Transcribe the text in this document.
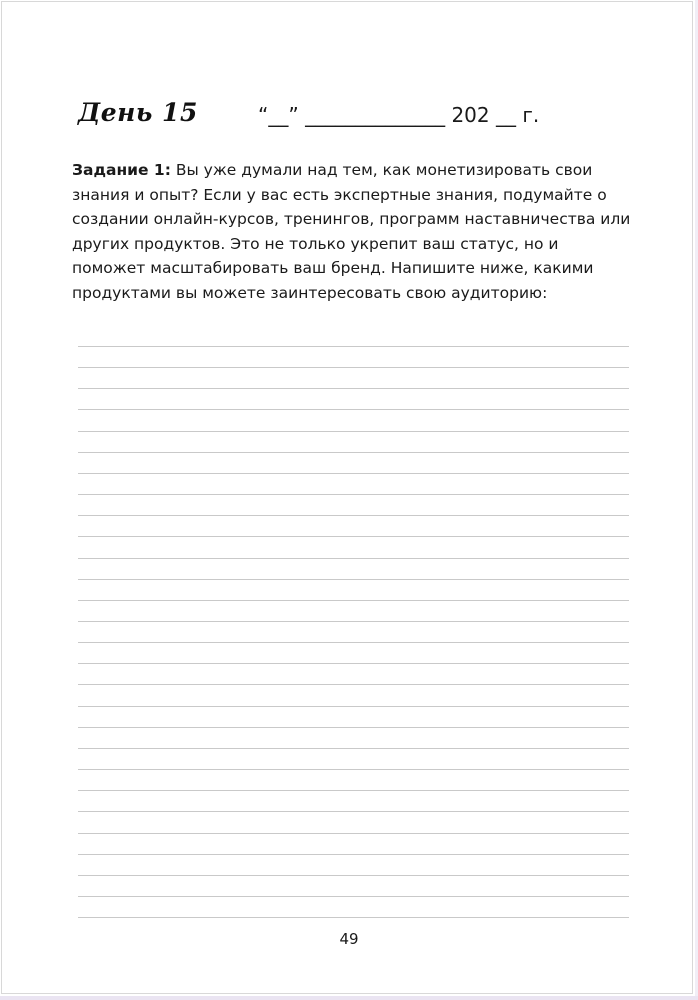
День 15	“__” ______________ 202 __ г.
Задание 1: Вы уже думали над тем, как монетизировать свои знания и опыт? Если у вас есть экспертные знания, подумайте о создании онлайн-курсов, тренингов, программ наставничества или других продуктов. Это не только укрепит ваш статус, но и поможет масштабировать ваш бренд. Напишите ниже, какими продуктами вы можете заинтересовать свою аудиторию:
49
